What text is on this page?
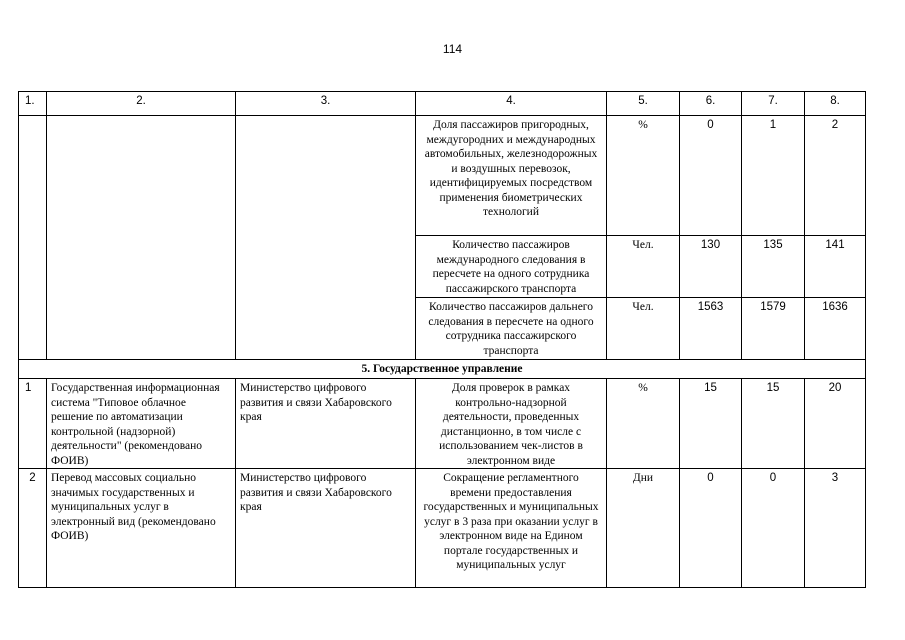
114
1.	2.	3.	4.	5.	6.	7.	8.
			Доля пассажиров пригородных, междугородних и международных автомобильных, железнодорожных и воздушных перевозок, идентифицируемых посредством применения биометрических технологий	%	0	1	2
			Количество пассажиров международного следования в пересчете на одного сотрудника пассажирского транспорта	Чел.	130	135	141
			Количество пассажиров дальнего следования в пересчете на одного сотрудника пассажирского транспорта	Чел.	1563	1579	1636
5. Государственное управление							
1	Государственная информационная система "Типовое облачное решение по автоматизации контрольной (надзорной) деятельности" (рекомендовано ФОИВ)	Министерство цифрового развития и связи Хабаровского края	Доля проверок в рамках контрольно-надзорной деятельности, проведенных дистанционно, в том числе с использованием чек-листов в электронном виде	%	15	15	20
2	Перевод массовых социально значимых государственных и муниципальных услуг в электронный вид (рекомендовано ФОИВ)	Министерство цифрового развития и связи Хабаровского края	Сокращение регламентного времени предоставления государственных и муниципальных услуг в 3 раза при оказании услуг в электронном виде на Едином портале государственных и муниципальных услуг	Дни	0	0	3
